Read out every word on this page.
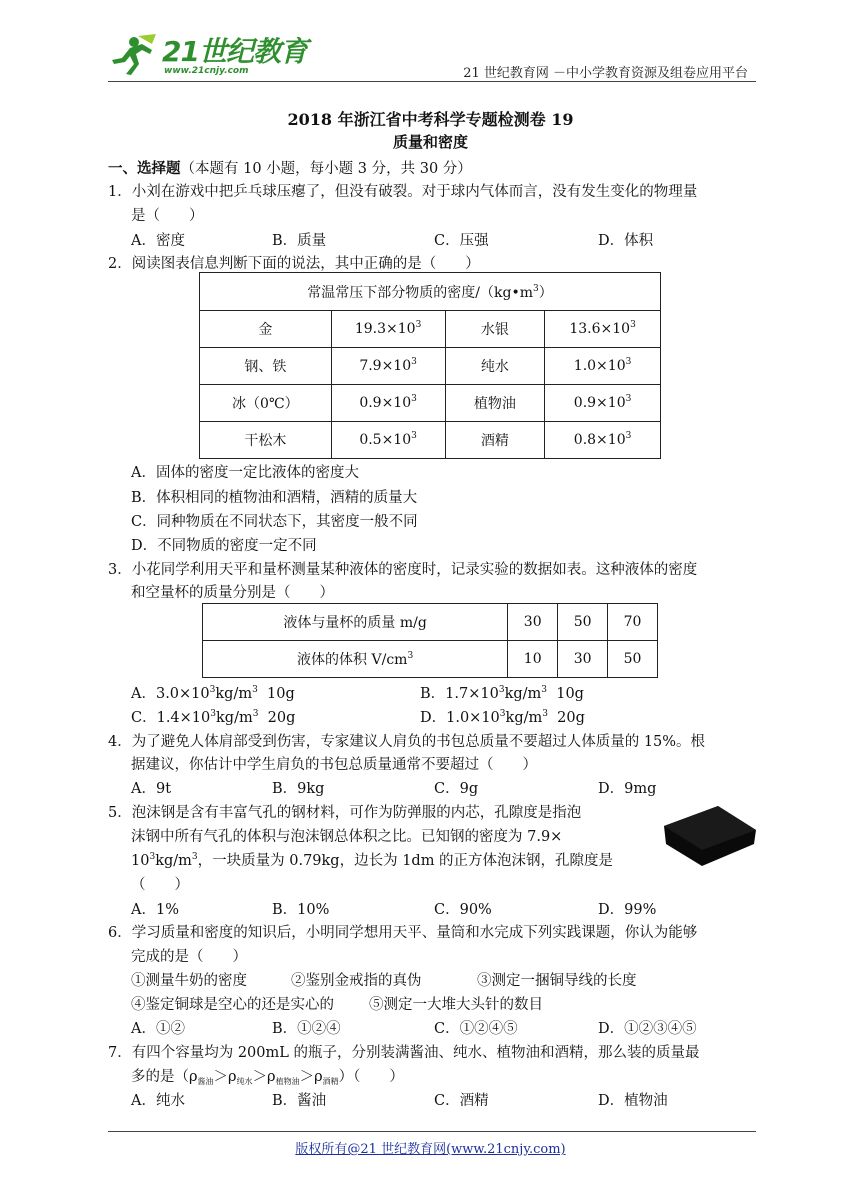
21世纪教育
www.21cnjy.com	21 世纪教育网 －中小学教育资源及组卷应用平台
2018 年浙江省中考科学专题检测卷 19
质量和密度
一、选择题（本题有 10 小题，每小题 3 分，共 30 分）
1．小刘在游戏中把乒乓球压瘪了，但没有破裂。对于球内气体而言，没有发生变化的物理量
是（　　）
A．密度	B．质量	C．压强	D．体积
2．阅读图表信息判断下面的说法，其中正确的是（　　）
常温常压下部分物质的密度$/(kg•m^3)$			
金	$19.3\times 10^3$	水银	$13.6\times 10^3$
钢、铁	$7.9\times 10^3$	纯水	$1.0\times 10^3$
冰（0℃）	$0.9\times 10^3$	植物油	$0.9\times 10^3$
干松木	$0.5\times 10^3$	酒精	$0.8\times 10^3$
A．固体的密度一定比液体的密度大
B．体积相同的植物油和酒精，酒精的质量大
C．同种物质在不同状态下，其密度一般不同
D．不同物质的密度一定不同
3．小花同学利用天平和量杯测量某种液体的密度时，记录实验的数据如表。这种液体的密度
和空量杯的质量分别是（　　）
液体与量杯的质量 m/g	30	50	70
液体的体积 $V/cm^3$	10	30	50
A．$3.0\times 10^3kg/m^3$  10g	B．$1.7\times 10^3kg/m^3$  10g
C．$1.4\times 10^3kg/m^3$  20g	D．$1.0\times 10^3kg/m^3$  20g
4．为了避免人体肩部受到伤害，专家建议人肩负的书包总质量不要超过人体质量的 15%。根
据建议，你估计中学生肩负的书包总质量通常不要超过（　　）
A．9t	B．9kg	C．9g	D．9mg
5．泡沫钢是含有丰富气孔的钢材料，可作为防弹服的内芯，孔隙度是指泡
沫钢中所有气孔的体积与泡沫钢总体积之比。已知钢的密度为 7.9×
$10^3kg/m^3$，一块质量为 0.79kg，边长为 1dm 的正方体泡沫钢，孔隙度是
（　　）
A．1%	B．10%	C．90%	D．99%
6．学习质量和密度的知识后，小明同学想用天平、量筒和水完成下列实践课题，你认为能够
完成的是（　　）
①测量牛奶的密度	②鉴别金戒指的真伪	③测定一捆铜导线的长度
④鉴定铜球是空心的还是实心的 ⑤测定一大堆大头针的数目
A．①②	B．①②④	C．①②④⑤	D．①②③④⑤
7．有四个容量均为 200mL 的瓶子，分别装满酱油、纯水、植物油和酒精，那么装的质量最
多的是$(\rho_{酱油}>\rho_{纯水}>\rho_{植物油}>\rho_{酒精})$（　　）
A．纯水	B．酱油	C．酒精	D．植物油
版权所有@21 世纪教育网(www.21cnjy.com)
